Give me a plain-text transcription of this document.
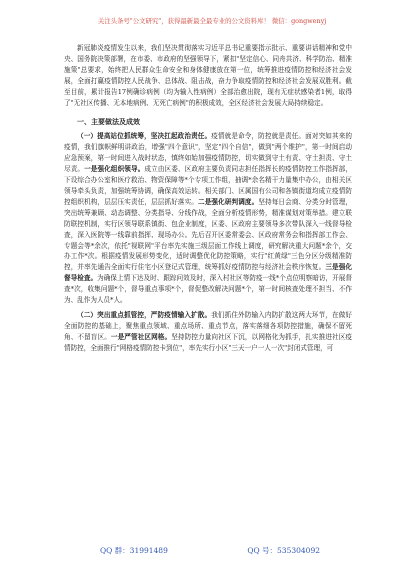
关注头条号"公文研究"，获得最新最全最专业的公文资料库！ 微信：gongwenyj

新冠肺炎疫情发生以来，我们坚决贯彻落实习近平总书记重要指示批示、重要讲话精神和党中央、国务院决策部署，在市委、市政府的坚强领导下，紧扣"坚定信心、同舟共济、科学防治、精准施策"总要求，始终把人民群众生命安全和身体健康放在第一位，统筹推进疫情防控和经济社会发展，全面打赢疫情防控人民战争、总体战、阻击战，奋力争取疫情防控和经济社会发展双胜利。截至目前，累计报告17例确诊病例（均为输入性病例）全部治愈出院，现有无症状感染者1例，取得了"无社区传播、无本地病例、无死亡病例"的积极成效，全区经济社会发展大局持续稳定。

一、主要做法及成效

（一）提高站位抓统筹，坚决扛起政治责任。疫情就是命令，防控就是责任。面对突如其来的疫情，我们旗帜鲜明讲政治，增强"四个意识"，坚定"四个自信"，做到"两个维护"，第一时间启动应急预案，第一时间进入战时状态，慎终如始加强疫情防控，切实做到守土有责、守土担责、守土尽责。一是强化组织领导。成立由区委、区政府主要负责同志担任指挥长的疫情防控工作指挥部，下设综合办公室和医疗救治、物资保障等*个专项工作组，抽调*余名精干力量集中办公，由相关区领导牵头负责，加强统筹协调，确保高效运转。相关部门、区属国有公司和各镇街道均成立疫情防控组织机构，层层压实责任，层层抓好落实。二是强化研判调度。坚持每日会商、分类分时管理，突出统筹兼顾、动态调整、分类指导、分线作战，全面分析疫情形势，精准谋划对策举措。建立联防联控机制，实行区领导联系镇街、包企业制度，区委、区政府主要领导多次带队深入一线督导检查，深入医院等一线靠前指挥、现场办公。先后召开区委常委会、区政府常务会和指挥部工作会、专题会等*余次，依托"视联网"平台率先实施三级层面工作线上调度，研究解决重大问题*余个，交办工作*次。根据疫情发展形势变化，适时调整优化防控策略，实行"红黄绿"三色分区分级精准防控，并率先通告全面实行住宅小区登记式管理，统筹抓好疫情防控与经济社会秩序恢复。三是强化督导检查。为确保上情下达及时、跟踪问效及时，深入村社区等防疫一线*个点位明察暗访，开展督查*次，收集问题*个，督导重点事项*个，督促整改解决问题*个，第一时间核查处理不担当、不作为、乱作为人员*人。

（二）突出重点抓管控，严防疫情输入扩散。我们抓住外防输入内防扩散这两大环节，在做好全面防控的基础上，聚焦重点领域、重点场所、重点节点，落实落细各项防控措施，确保不留死角、不留盲区。一是严管社区网格。坚持防控力量向社区下沉，以网格化为抓手，扎实推进社区疫情防控，全面推行"网格疫情防控卡到位"，率先实行小区"三天一户一人一次"封闭式管理，可

QQ 群：31991489	QQ 号：535304092
